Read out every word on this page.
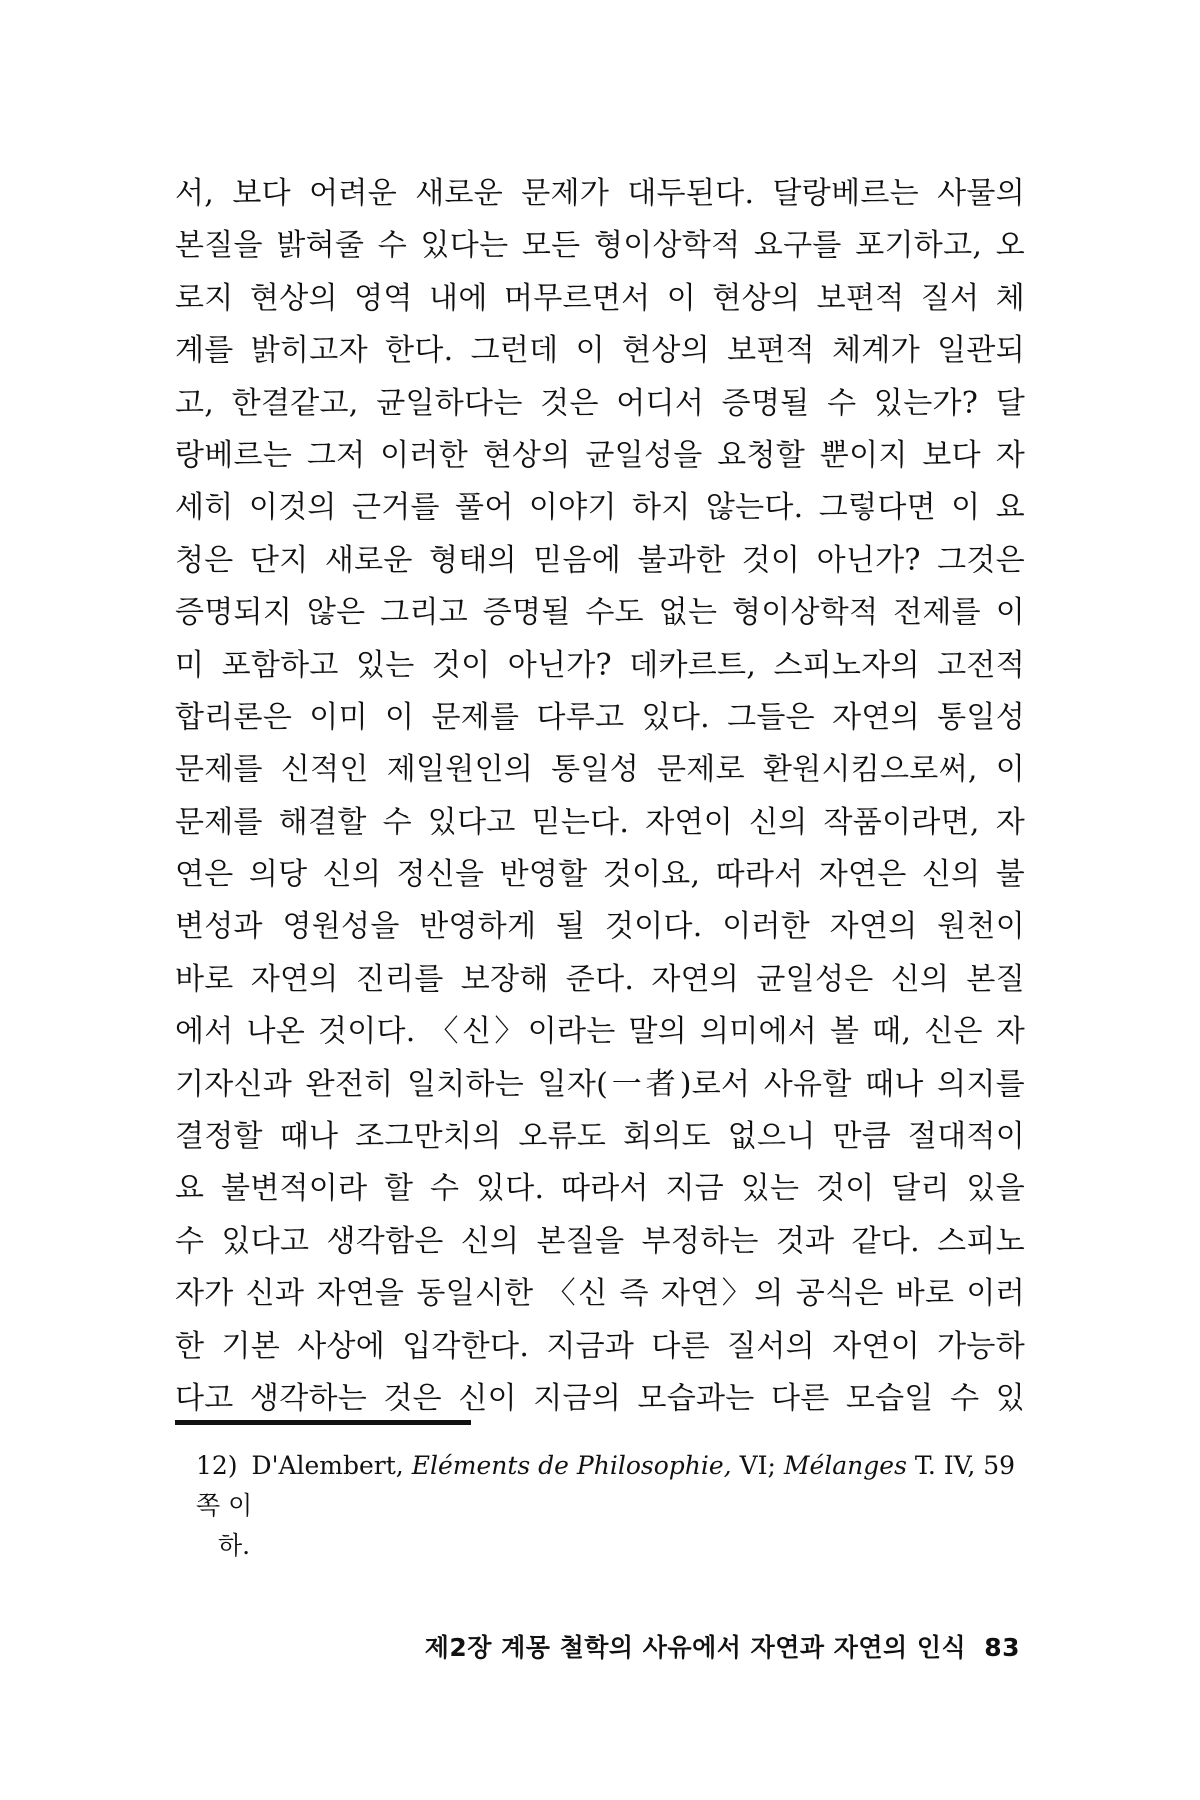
서, 보다 어려운 새로운 문제가 대두된다. 달랑베르는 사물의
본질을 밝혀줄 수 있다는 모든 형이상학적 요구를 포기하고, 오
로지 현상의 영역 내에 머무르면서 이 현상의 보편적 질서 체
계를 밝히고자 한다. 그런데 이 현상의 보편적 체계가 일관되
고, 한결같고, 균일하다는 것은 어디서 증명될 수 있는가? 달
랑베르는 그저 이러한 현상의 균일성을 요청할 뿐이지 보다 자
세히 이것의 근거를 풀어 이야기 하지 않는다. 그렇다면 이 요
청은 단지 새로운 형태의 믿음에 불과한 것이 아닌가? 그것은
증명되지 않은 그리고 증명될 수도 없는 형이상학적 전제를 이
미 포함하고 있는 것이 아닌가? 데카르트, 스피노자의 고전적
합리론은 이미 이 문제를 다루고 있다. 그들은 자연의 통일성
문제를 신적인 제일원인의 통일성 문제로 환원시킴으로써, 이
문제를 해결할 수 있다고 믿는다. 자연이 신의 작품이라면, 자
연은 의당 신의 정신을 반영할 것이요, 따라서 자연은 신의 불
변성과 영원성을 반영하게 될 것이다. 이러한 자연의 원천이
바로 자연의 진리를 보장해 준다. 자연의 균일성은 신의 본질
에서 나온 것이다. 〈신〉이라는 말의 의미에서 볼 때, 신은 자
기자신과 완전히 일치하는 일자(一者)로서 사유할 때나 의지를
결정할 때나 조그만치의 오류도 회의도 없으니 만큼 절대적이
요 불변적이라 할 수 있다. 따라서 지금 있는 것이 달리 있을
수 있다고 생각함은 신의 본질을 부정하는 것과 같다. 스피노
자가 신과 자연을 동일시한 〈신 즉 자연〉의 공식은 바로 이러
한 기본 사상에 입각한다. 지금과 다른 질서의 자연이 가능하
다고 생각하는 것은 신이 지금의 모습과는 다른 모습일 수 있
12) D'Alembert, Eléments de Philosophie, VI; Mélanges T. IV, 59쪽 이
하.
제2장 계몽 철학의 사유에서 자연과 자연의 인식 83
